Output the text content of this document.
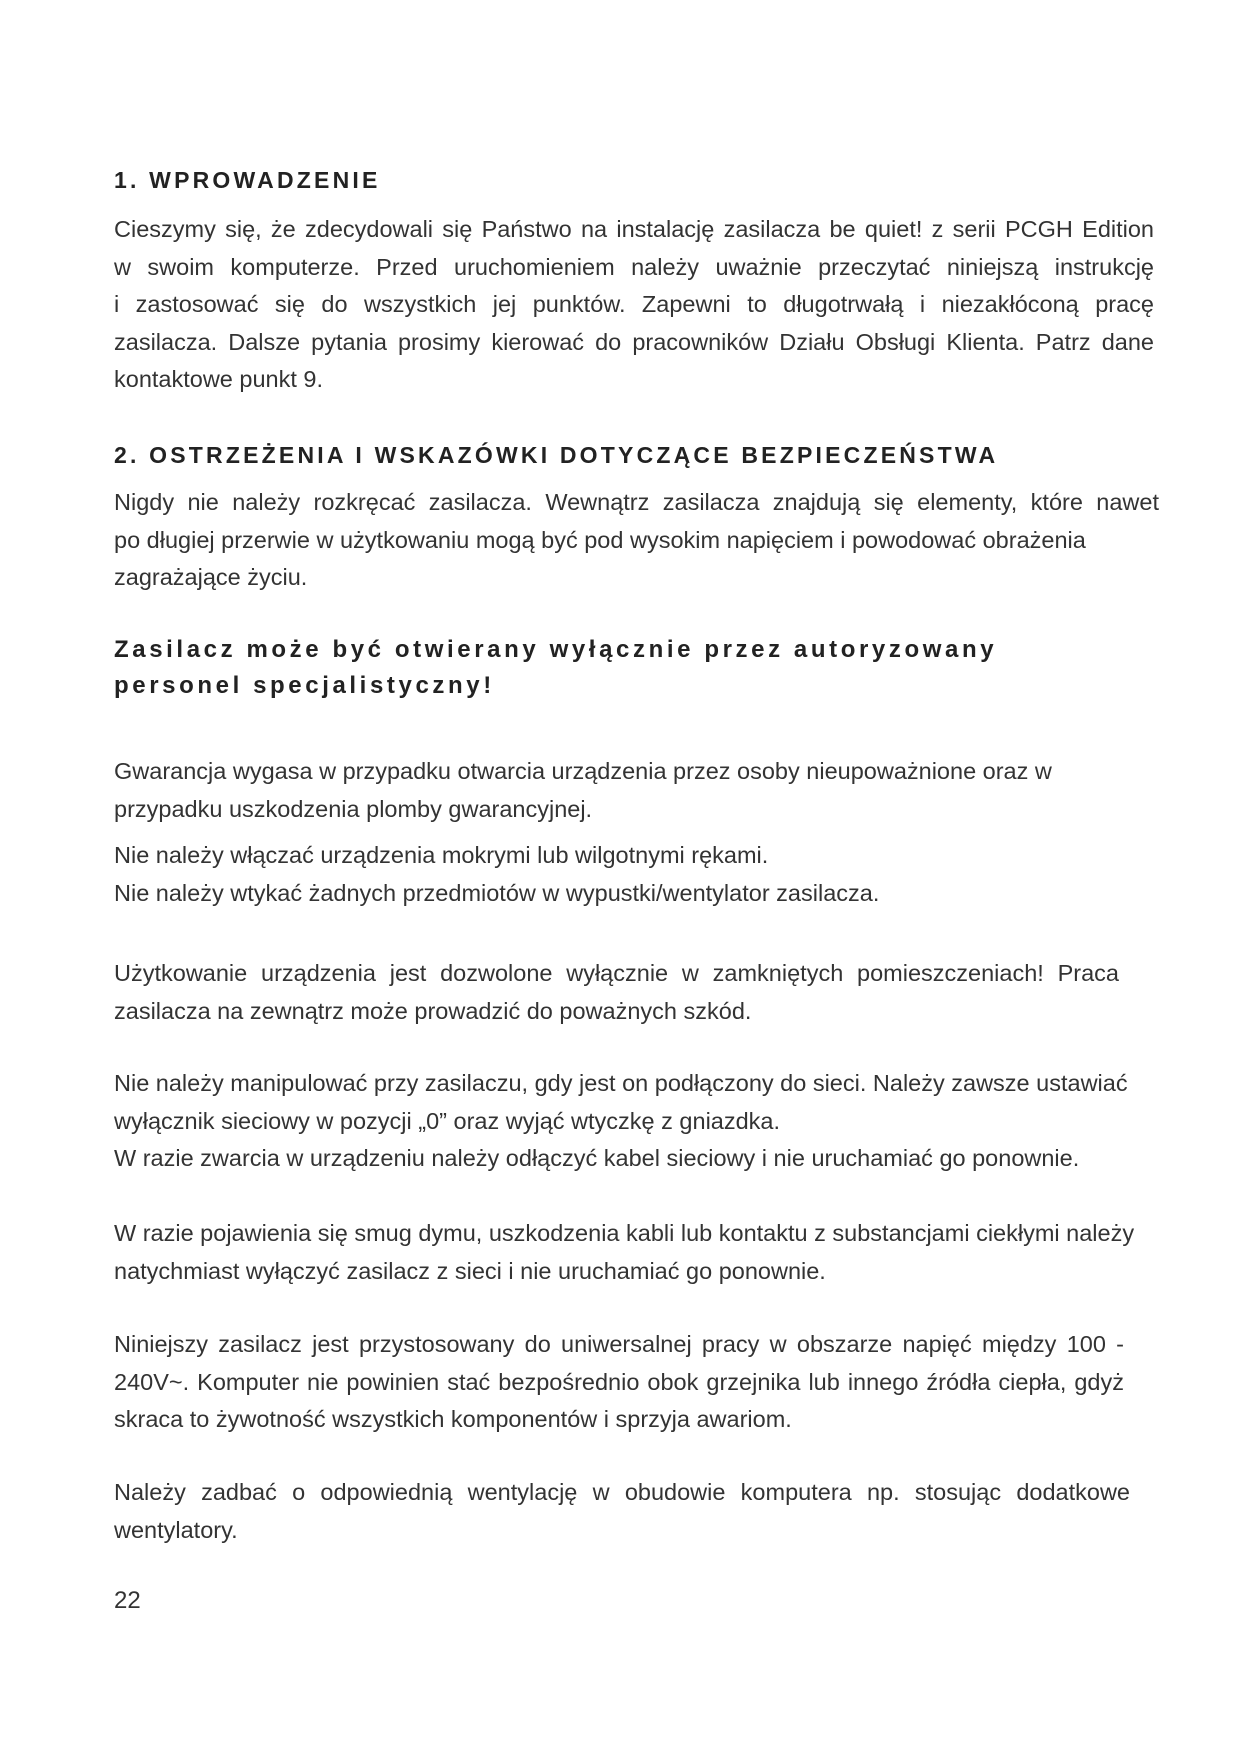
1. WPROWADZENIE
Cieszymy się, że zdecydowali się Państwo na instalację zasilacza be quiet! z serii PCGH Edition
w swoim komputerze. Przed uruchomieniem należy uważnie przeczytać niniejszą instrukcję
i zastosować się do wszystkich jej punktów. Zapewni to długotrwałą i niezakłóconą pracę
zasilacza. Dalsze pytania prosimy kierować do pracowników Działu Obsługi Klienta. Patrz dane
kontaktowe punkt 9.
2. OSTRZEŻENIA I WSKAZÓWKI DOTYCZĄCE BEZPIECZEŃSTWA
Nigdy nie należy rozkręcać zasilacza. Wewnątrz zasilacza znajdują się elementy, które nawet
po długiej przerwie w użytkowaniu mogą być pod wysokim napięciem i powodować obrażenia
zagrażające życiu.

Zasilacz może być otwierany wyłącznie przez autoryzowany personel specjalistyczny!

Gwarancja wygasa w przypadku otwarcia urządzenia przez osoby nieupoważnione oraz w
przypadku uszkodzenia plomby gwarancyjnej.
Nie należy włączać urządzenia mokrymi lub wilgotnymi rękami.
Nie należy wtykać żadnych przedmiotów w wypustki/wentylator zasilacza.
Użytkowanie urządzenia jest dozwolone wyłącznie w zamkniętych pomieszczeniach! Praca
zasilacza na zewnątrz może prowadzić do poważnych szkód.
Nie należy manipulować przy zasilaczu, gdy jest on podłączony do sieci. Należy zawsze ustawiać
wyłącznik sieciowy w pozycji „0” oraz wyjąć wtyczkę z gniazdka.
W razie zwarcia w urządzeniu należy odłączyć kabel sieciowy i nie uruchamiać go ponownie.
W razie pojawienia się smug dymu, uszkodzenia kabli lub kontaktu z substancjami ciekłymi należy
natychmiast wyłączyć zasilacz z sieci i nie uruchamiać go ponownie.
Niniejszy zasilacz jest przystosowany do uniwersalnej pracy w obszarze napięć między 100 -
240V~. Komputer nie powinien stać bezpośrednio obok grzejnika lub innego źródła ciepła, gdyż
skraca to żywotność wszystkich komponentów i sprzyja awariom.
Należy zadbać o odpowiednią wentylację w obudowie komputera np. stosując dodatkowe
wentylatory.

22
